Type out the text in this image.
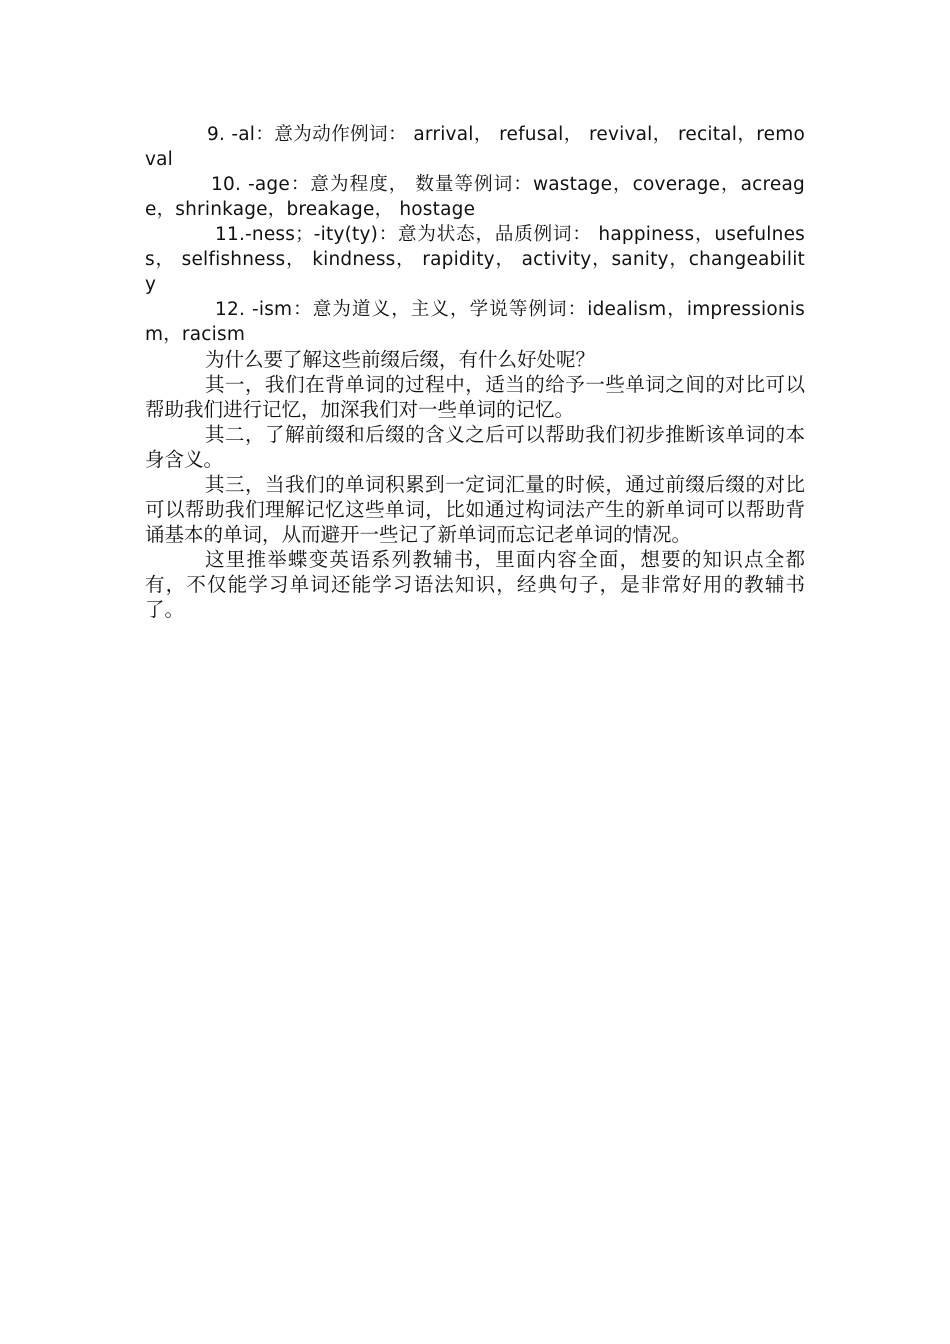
9. -al：意为动作例词： arrival， refusal， revival， recital，removal

10. -age：意为程度， 数量等例词：wastage，coverage，acreage，shrinkage，breakage， hostage

11.-ness；-ity(ty)：意为状态，品质例词： happiness，usefulness， selfishness， kindness， rapidity， activity，sanity，changeability

12. -ism：意为道义，主义，学说等例词：idealism，impressionism，racism

为什么要了解这些前缀后缀，有什么好处呢？

其一，我们在背单词的过程中，适当的给予一些单词之间的对比可以帮助我们进行记忆，加深我们对一些单词的记忆。

其二，了解前缀和后缀的含义之后可以帮助我们初步推断该单词的本身含义。

其三，当我们的单词积累到一定词汇量的时候，通过前缀后缀的对比可以帮助我们理解记忆这些单词，比如通过构词法产生的新单词可以帮助背诵基本的单词，从而避开一些记了新单词而忘记老单词的情况。

这里推举蝶变英语系列教辅书，里面内容全面，想要的知识点全都有，不仅能学习单词还能学习语法知识，经典句子，是非常好用的教辅书了。
